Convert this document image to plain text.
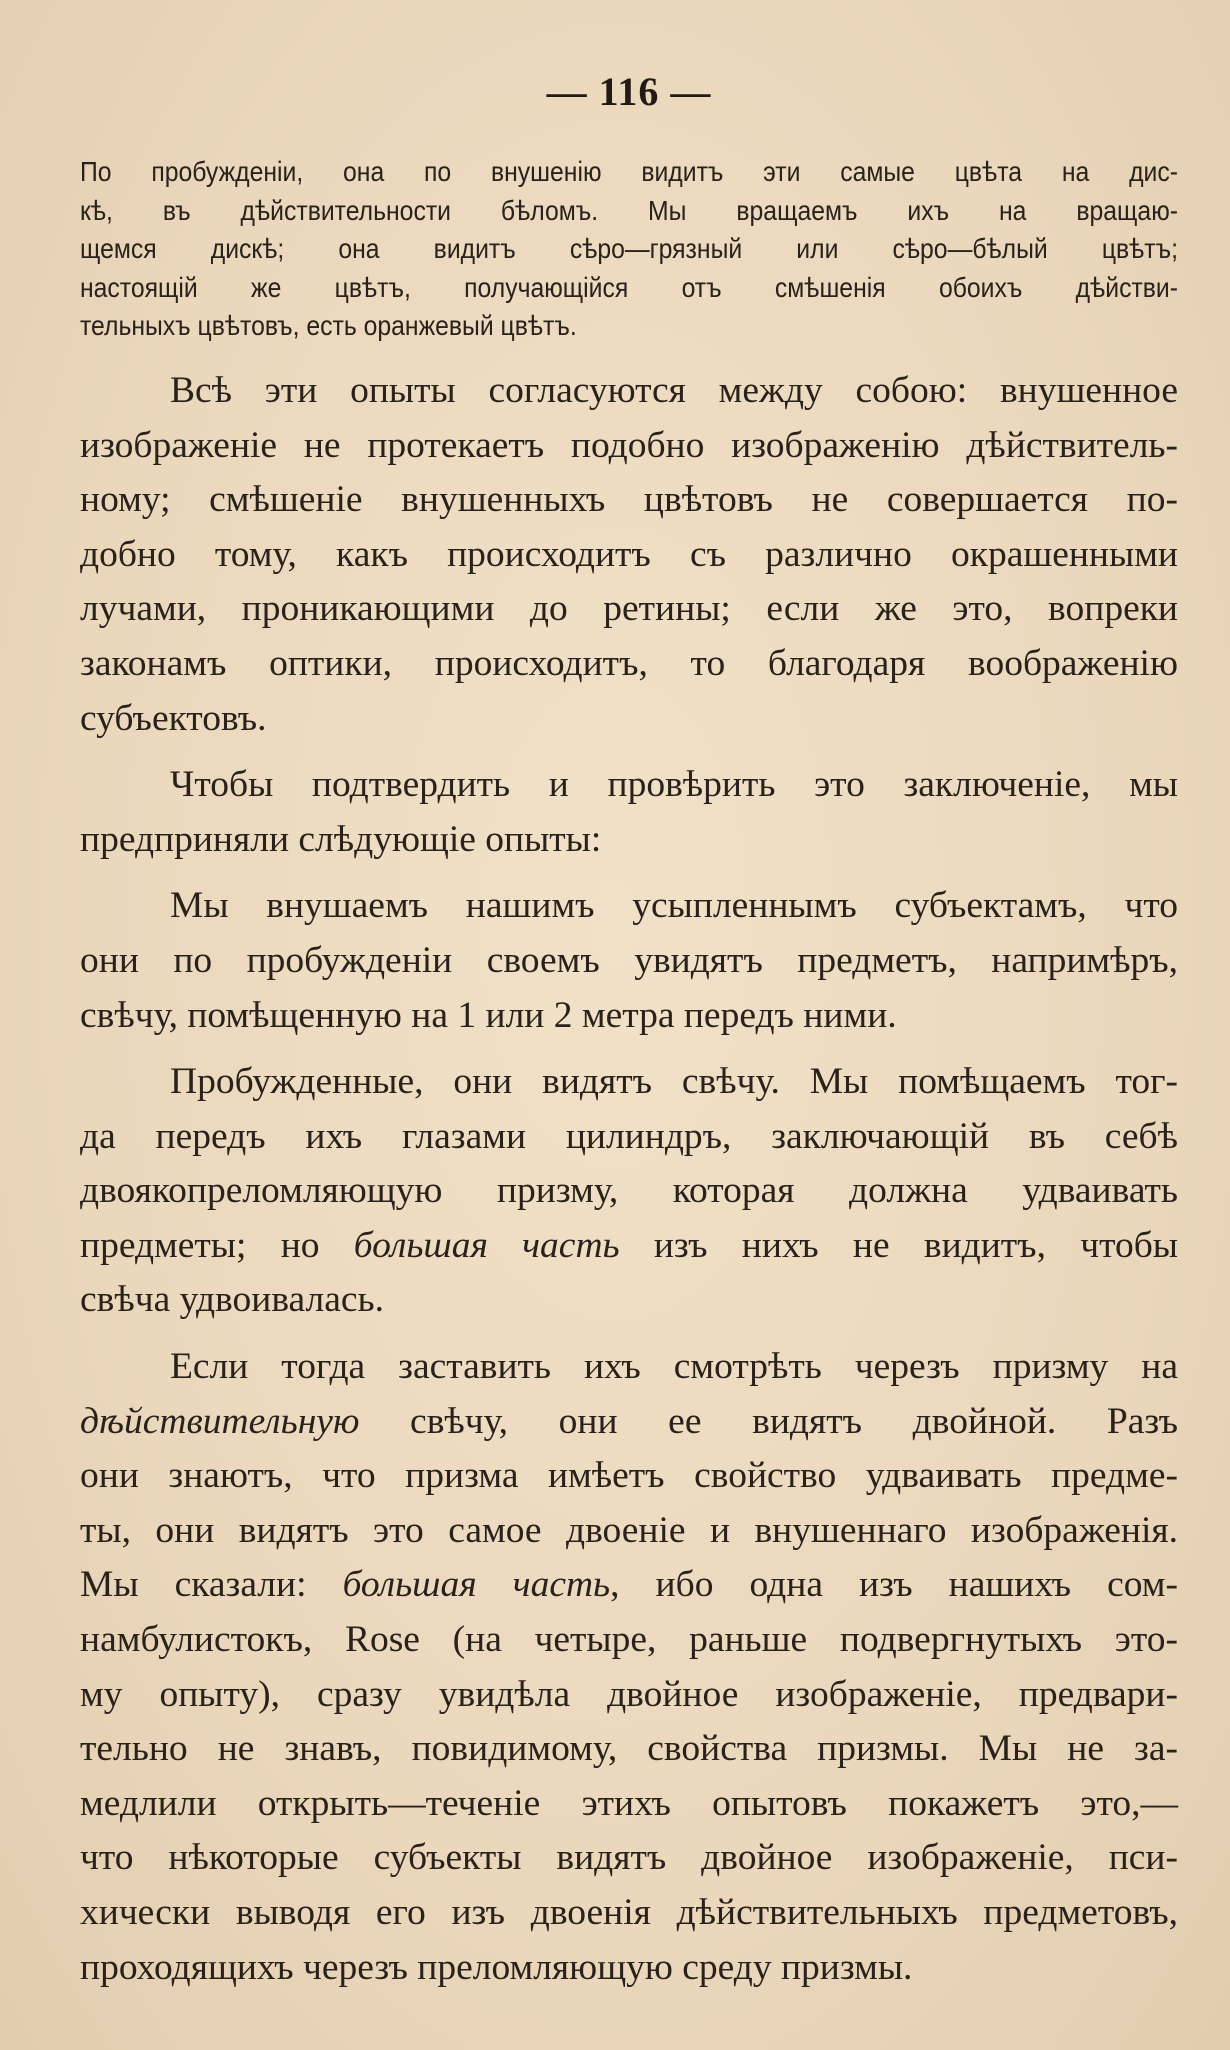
— 116 —
По пробужденіи, она по внушенію видитъ эти самые цвѣта на дис-
кѣ, въ дѣйствительности бѣломъ. Мы вращаемъ ихъ на вращаю-
щемся дискѣ; она видитъ сѣро—грязный или сѣро—бѣлый цвѣтъ;
настоящій же цвѣтъ, получающійся отъ смѣшенія обоихъ дѣйстви-
тельныхъ цвѣтовъ, есть оранжевый цвѣтъ.

Всѣ эти опыты согласуются между собою: внушенное
изображеніе не протекаетъ подобно изображенію дѣйствитель-
ному; смѣшеніе внушенныхъ цвѣтовъ не совершается по-
добно тому, какъ происходитъ съ различно окрашенными
лучами, проникающими до ретины; если же это, вопреки
законамъ оптики, происходитъ, то благодаря воображенію
субъектовъ.

Чтобы подтвердить и провѣрить это заключеніе, мы
предприняли слѣдующіе опыты:

Мы внушаемъ нашимъ усыпленнымъ субъектамъ, что
они по пробужденіи своемъ увидятъ предметъ, напримѣръ,
свѣчу, помѣщенную на 1 или 2 метра передъ ними.

Пробужденные, они видятъ свѣчу. Мы помѣщаемъ тог-
да передъ ихъ глазами цилиндръ, заключающій въ себѣ
двоякопреломляющую призму, которая должна удваивать
предметы; но большая часть изъ нихъ не видитъ, чтобы
свѣча удвоивалась.

Если тогда заставить ихъ смотрѣть черезъ призму на
дѣйствительную свѣчу, они ее видятъ двойной. Разъ
они знаютъ, что призма имѣетъ свойство удваивать предме-
ты, они видятъ это самое двоеніе и внушеннаго изображенія.
Мы сказали: большая часть, ибо одна изъ нашихъ сом-
намбулистокъ, Rose (на четыре, раньше подвергнутыхъ это-
му опыту), сразу увидѣла двойное изображеніе, предвари-
тельно не знавъ, повидимому, свойства призмы. Мы не за-
медлили открыть—теченіе этихъ опытовъ покажетъ это,—
что нѣкоторые субъекты видятъ двойное изображеніе, пси-
хически выводя его изъ двоенія дѣйствительныхъ предметовъ,
проходящихъ черезъ преломляющую среду призмы.
